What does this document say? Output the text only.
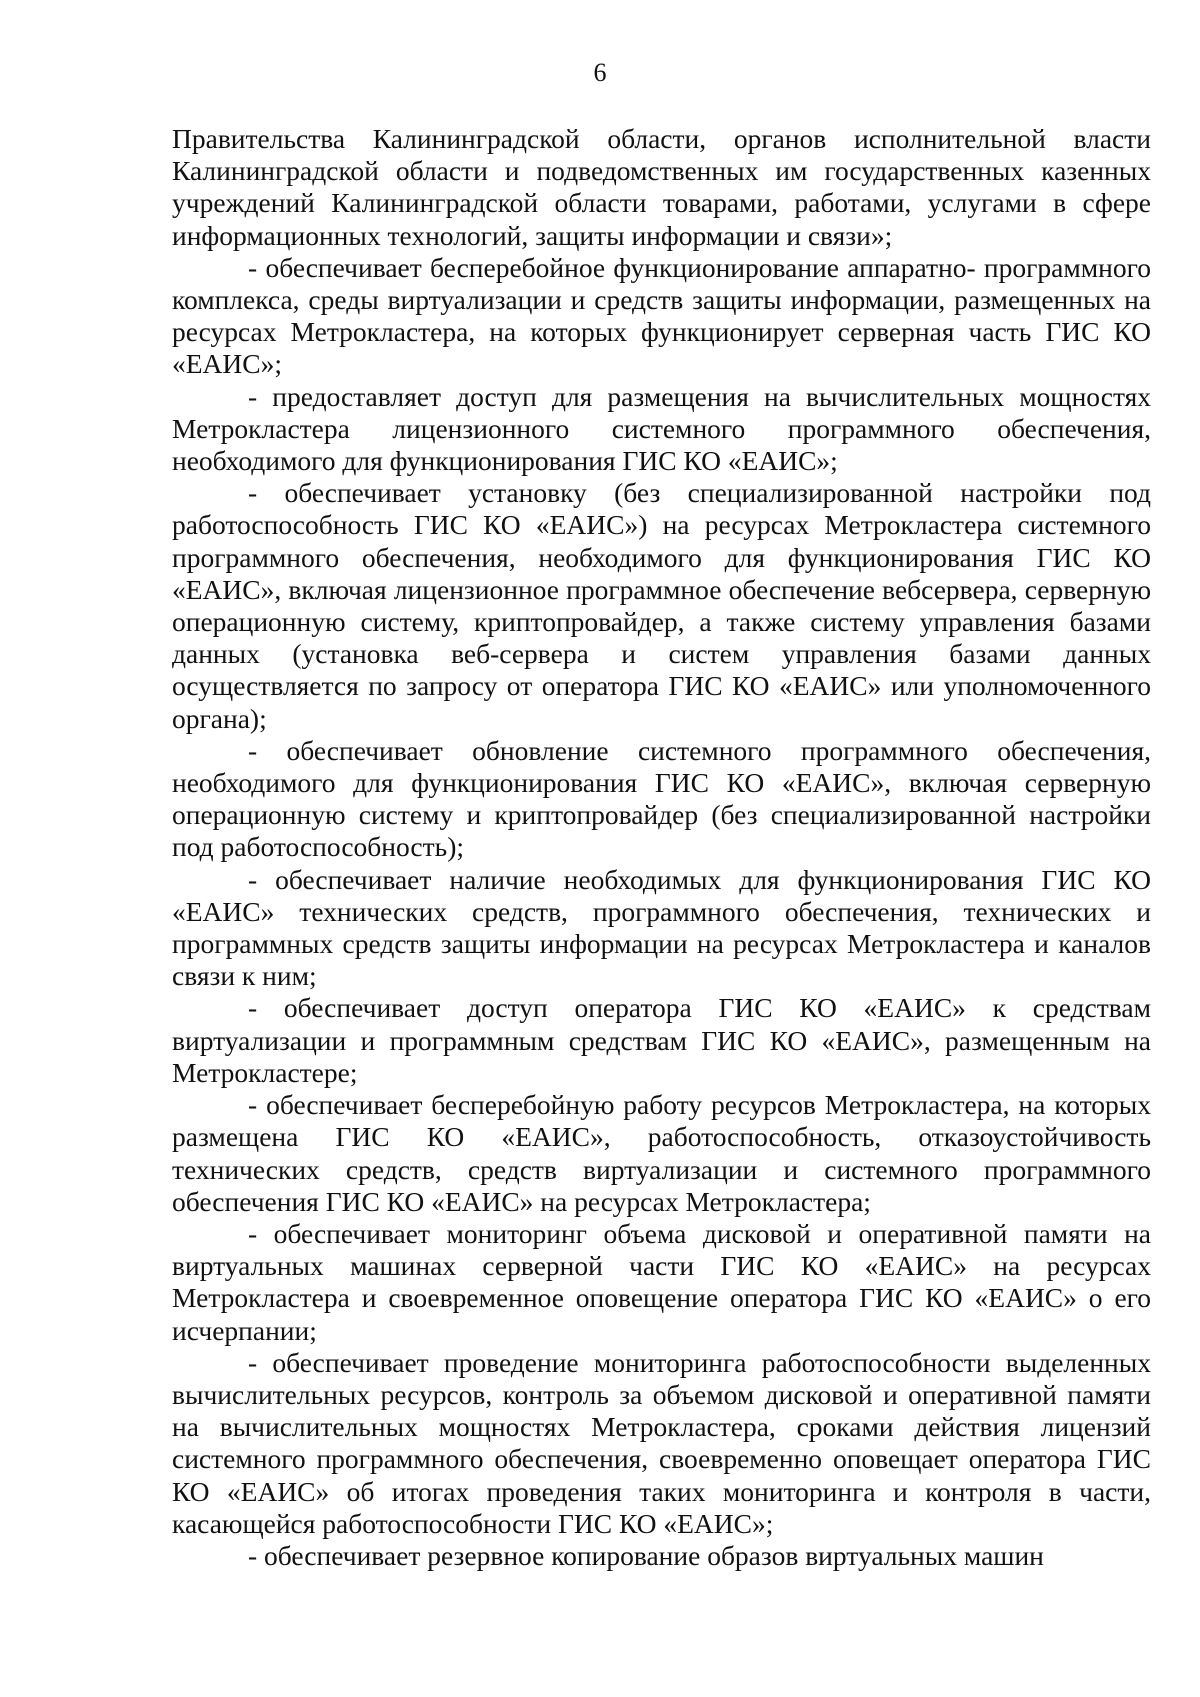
6

Правительства Калининградской области, органов исполнительной власти Калининградской области и подведомственных им государственных казенных учреждений Калининградской области товарами, работами, услугами в сфере информационных технологий, защиты информации и связи»;

- обеспечивает бесперебойное функционирование аппаратно- программного комплекса, среды виртуализации и средств защиты информации, размещенных на ресурсах Метрокластера, на которых функционирует серверная часть ГИС КО «ЕАИС»;

- предоставляет доступ для размещения на вычислительных мощностях Метрокластера лицензионного системного программного обеспечения, необходимого для функционирования ГИС КО «ЕАИС»;

- обеспечивает установку (без специализированной настройки под работоспособность ГИС КО «ЕАИС») на ресурсах Метрокластера системного программного обеспечения, необходимого для функционирования ГИС КО «ЕАИС», включая лицензионное программное обеспечение вебсервера, серверную операционную систему, криптопровайдер, а также систему управления базами данных (установка веб-сервера и систем управления базами данных осуществляется по запросу от оператора ГИС КО «ЕАИС» или уполномоченного органа);

- обеспечивает обновление системного программного обеспечения, необходимого для функционирования ГИС КО «ЕАИС», включая серверную операционную систему и криптопровайдер (без специализированной настройки под работоспособность);

- обеспечивает наличие необходимых для функционирования ГИС КО «ЕАИС» технических средств, программного обеспечения, технических и программных средств защиты информации на ресурсах Метрокластера и каналов связи к ним;

- обеспечивает доступ оператора ГИС КО «ЕАИС» к средствам виртуализации и программным средствам ГИС КО «ЕАИС», размещенным на Метрокластере;

- обеспечивает бесперебойную работу ресурсов Метрокластера, на которых размещена ГИС КО «ЕАИС», работоспособность, отказоустойчивость технических средств, средств виртуализации и системного программного обеспечения ГИС КО «ЕАИС» на ресурсах Метрокластера;

- обеспечивает мониторинг объема дисковой и оперативной памяти на виртуальных машинах серверной части ГИС КО «ЕАИС» на ресурсах Метрокластера и своевременное оповещение оператора ГИС КО «ЕАИС» о его исчерпании;

- обеспечивает проведение мониторинга работоспособности выделенных вычислительных ресурсов, контроль за объемом дисковой и оперативной памяти на вычислительных мощностях Метрокластера, сроками действия лицензий системного программного обеспечения, своевременно оповещает оператора ГИС КО «ЕАИС» об итогах проведения таких мониторинга и контроля в части, касающейся работоспособности ГИС КО «ЕАИС»;

- обеспечивает резервное копирование образов виртуальных машин
